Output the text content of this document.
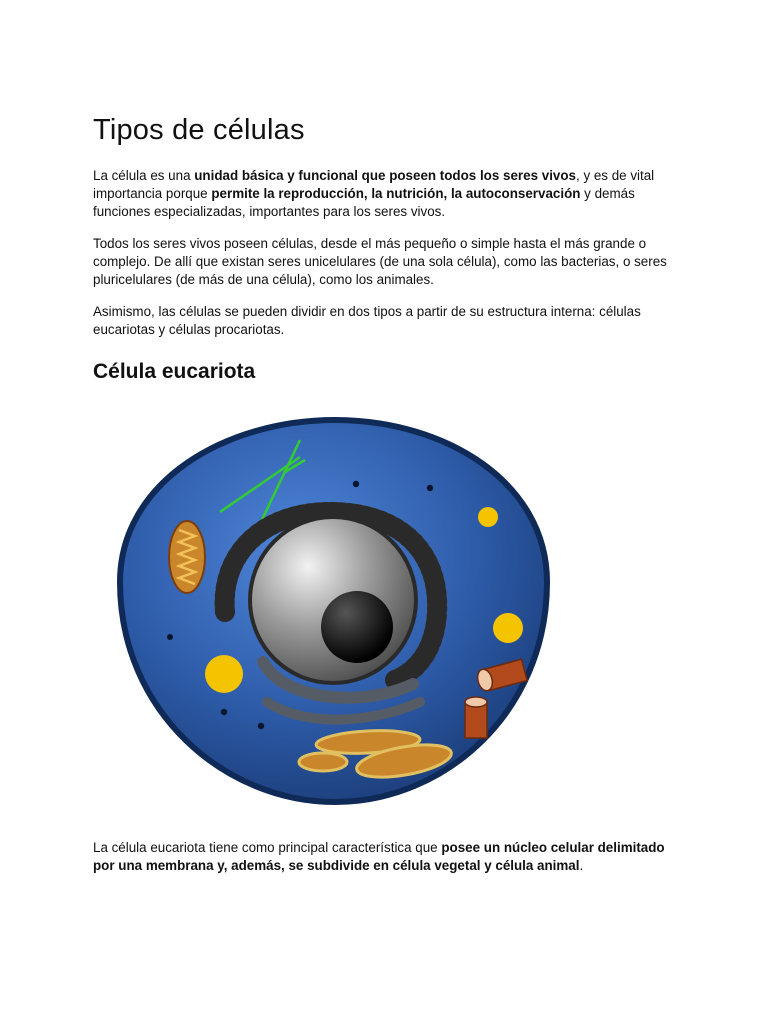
Tipos de células

La célula es una unidad básica y funcional que poseen todos los seres vivos, y es de vital importancia porque permite la reproducción, la nutrición, la autoconservación y demás funciones especializadas, importantes para los seres vivos.

Todos los seres vivos poseen células, desde el más pequeño o simple hasta el más grande o complejo. De allí que existan seres unicelulares (de una sola célula), como las bacterias, o seres pluricelulares (de más de una célula), como los animales.

Asimismo, las células se pueden dividir en dos tipos a partir de su estructura interna: células eucariotas y células procariotas.

Célula eucariota

La célula eucariota tiene como principal característica que posee un núcleo celular delimitado por una membrana y, además, se subdivide en célula vegetal y célula animal.
